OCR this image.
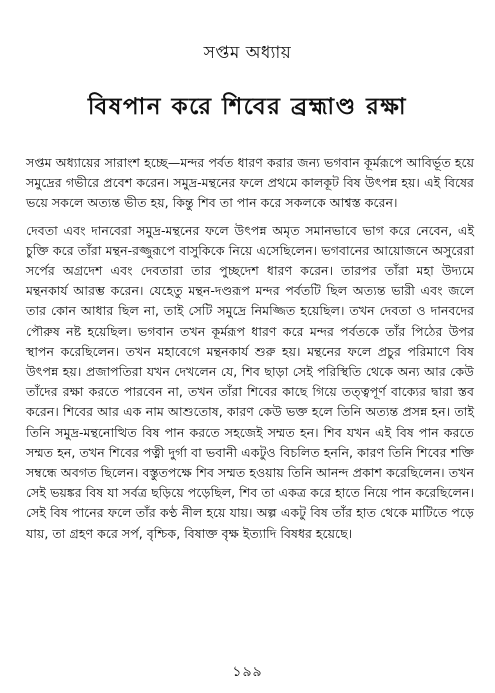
সপ্তম অধ্যায়
বিষপান করে শিবের ব্রহ্মাণ্ড রক্ষা

সপ্তম অধ্যায়ের সারাংশ হচ্ছে—মন্দর পর্বত ধারণ করার জন্য ভগবান কূর্মরূপে আবির্ভূত হয়ে সমুদ্রের গভীরে প্রবেশ করেন। সমুদ্র-মন্থনের ফলে প্রথমে কালকূট বিষ উৎপন্ন হয়। এই বিষের ভয়ে সকলে অত্যন্ত ভীত হয়, কিন্তু শিব তা পান করে সকলকে আশ্বস্ত করেন।

দেবতা এবং দানবেরা সমুদ্র-মন্থনের ফলে উৎপন্ন অমৃত সমানভাবে ভাগ করে নেবেন, এই চুক্তি করে তাঁরা মন্থন-রজ্জুরূপে বাসুকিকে নিয়ে এসেছিলেন। ভগবানের আয়োজনে অসুরেরা সর্পের অগ্রদেশ এবং দেবতারা তার পুচ্ছদেশ ধারণ করেন। তারপর তাঁরা মহা উদ্যমে মন্থনকার্য আরম্ভ করেন। যেহেতু মন্থন-দণ্ডরূপ মন্দর পর্বতটি ছিল অত্যন্ত ভারী এবং জলে তার কোন আধার ছিল না, তাই সেটি সমুদ্রে নিমজ্জিত হয়েছিল। তখন দেবতা ও দানবদের পৌরুষ নষ্ট হয়েছিল। ভগবান তখন কূর্মরূপ ধারণ করে মন্দর পর্বতকে তাঁর পিঠের উপর স্থাপন করেছিলেন। তখন মহাবেগে মন্থনকার্য শুরু হয়। মন্থনের ফলে প্রচুর পরিমাণে বিষ উৎপন্ন হয়। প্রজাপতিরা যখন দেখলেন যে, শিব ছাড়া সেই পরিস্থিতি থেকে অন্য আর কেউ তাঁদের রক্ষা করতে পারবেন না, তখন তাঁরা শিবের কাছে গিয়ে তত্ত্বপূর্ণ বাক্যের দ্বারা স্তব করেন। শিবের আর এক নাম আশুতোষ, কারণ কেউ ভক্ত হলে তিনি অত্যন্ত প্রসন্ন হন। তাই তিনি সমুদ্র-মন্থনোত্থিত বিষ পান করতে সহজেই সম্মত হন। শিব যখন এই বিষ পান করতে সম্মত হন, তখন শিবের পত্নী দুর্গা বা ভবানী একটুও বিচলিত হননি, কারণ তিনি শিবের শক্তি সম্বন্ধে অবগত ছিলেন। বস্তুতপক্ষে শিব সম্মত হওয়ায় তিনি আনন্দ প্রকাশ করেছিলেন। তখন সেই ভয়ঙ্কর বিষ যা সর্বত্র ছড়িয়ে পড়েছিল, শিব তা একত্র করে হাতে নিয়ে পান করেছিলেন। সেই বিষ পানের ফলে তাঁর কণ্ঠ নীল হয়ে যায়। অল্প একটু বিষ তাঁর হাত থেকে মাটিতে পড়ে যায়, তা গ্রহণ করে সর্প, বৃশ্চিক, বিষাক্ত বৃক্ষ ইত্যাদি বিষধর হয়েছে।

১৯৯
